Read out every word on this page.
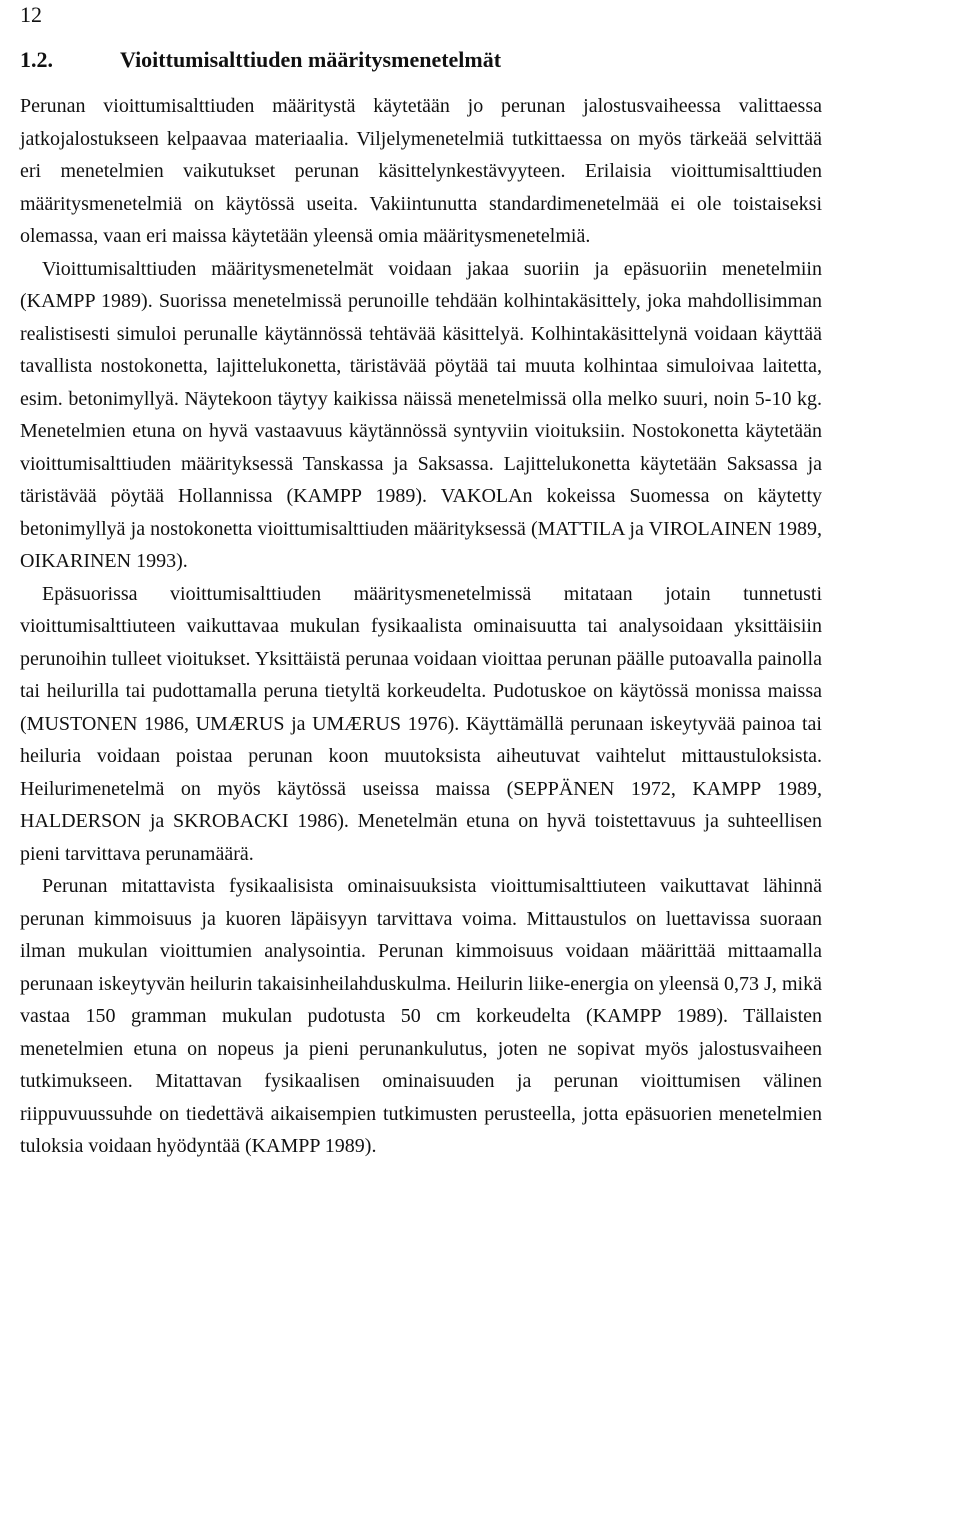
12
1.2.	Vioittumisalttiuden määritysmenetelmät

Perunan vioittumisalttiuden määritystä käytetään jo perunan jalostusvaiheessa valittaessa jatkojalostukseen kelpaavaa materiaalia. Viljelymenetelmiä tutkittaessa on myös tärkeää selvittää eri menetelmien vaikutukset perunan käsittelynkestävyyteen. Erilaisia vioittumisalttiuden määritysmenetelmiä on käytössä useita. Vakiintunutta standardimenetelmää ei ole toistaiseksi olemassa, vaan eri maissa käytetään yleensä omia määritysmenetelmiä.

Vioittumisalttiuden määritysmenetelmät voidaan jakaa suoriin ja epäsuoriin menetelmiin (KAMPP 1989). Suorissa menetelmissä perunoille tehdään kolhintakäsittely, joka mahdollisimman realistisesti simuloi perunalle käytännössä tehtävää käsittelyä. Kolhintakäsittelynä voidaan käyttää tavallista nostokonetta, lajittelukonetta, täristävää pöytää tai muuta kolhintaa simuloivaa laitetta, esim. betonimyllyä. Näytekoon täytyy kaikissa näissä menetelmissä olla melko suuri, noin 5-10 kg. Menetelmien etuna on hyvä vastaavuus käytännössä syntyviin vioituksiin. Nostokonetta käytetään vioittumisalttiuden määrityksessä Tanskassa ja Saksassa. Lajittelukonetta käytetään Saksassa ja täristävää pöytää Hollannissa (KAMPP 1989). VAKOLAn kokeissa Suomessa on käytetty betonimyllyä ja nostokonetta vioittumisalttiuden määrityksessä (MATTILA ja VIROLAINEN 1989, OIKARINEN 1993).

Epäsuorissa vioittumisalttiuden määritysmenetelmissä mitataan jotain tunnetusti vioittumisalttiuteen vaikuttavaa mukulan fysikaalista ominaisuutta tai analysoidaan yksittäisiin perunoihin tulleet vioitukset. Yksittäistä perunaa voidaan vioittaa perunan päälle putoavalla painolla tai heilurilla tai pudottamalla peruna tietyltä korkeudelta. Pudotuskoe on käytössä monissa maissa (MUSTONEN 1986, UMÆRUS ja UMÆRUS 1976). Käyttämällä perunaan iskeytyvää painoa tai heiluria voidaan poistaa perunan koon muutoksista aiheutuvat vaihtelut mittaustuloksista. Heilurimenetelmä on myös käytössä useissa maissa (SEPPÄNEN 1972, KAMPP 1989, HALDERSON ja SKROBACKI 1986). Menetelmän etuna on hyvä toistettavuus ja suhteellisen pieni tarvittava perunamäärä.

Perunan mitattavista fysikaalisista ominaisuuksista vioittumisalttiuteen vaikuttavat lähinnä perunan kimmoisuus ja kuoren läpäisyyn tarvittava voima. Mittaustulos on luettavissa suoraan ilman mukulan vioittumien analysointia. Perunan kimmoisuus voidaan määrittää mittaamalla perunaan iskeytyvän heilurin takaisinheilahduskulma. Heilurin liike-energia on yleensä 0,73 J, mikä vastaa 150 gramman mukulan pudotusta 50 cm korkeudelta (KAMPP 1989). Tällaisten menetelmien etuna on nopeus ja pieni perunankulutus, joten ne sopivat myös jalostusvaiheen tutkimukseen. Mitattavan fysikaalisen ominaisuuden ja perunan vioittumisen välinen riippuvuussuhde on tiedettävä aikaisempien tutkimusten perusteella, jotta epäsuorien menetelmien tuloksia voidaan hyödyntää (KAMPP 1989).
